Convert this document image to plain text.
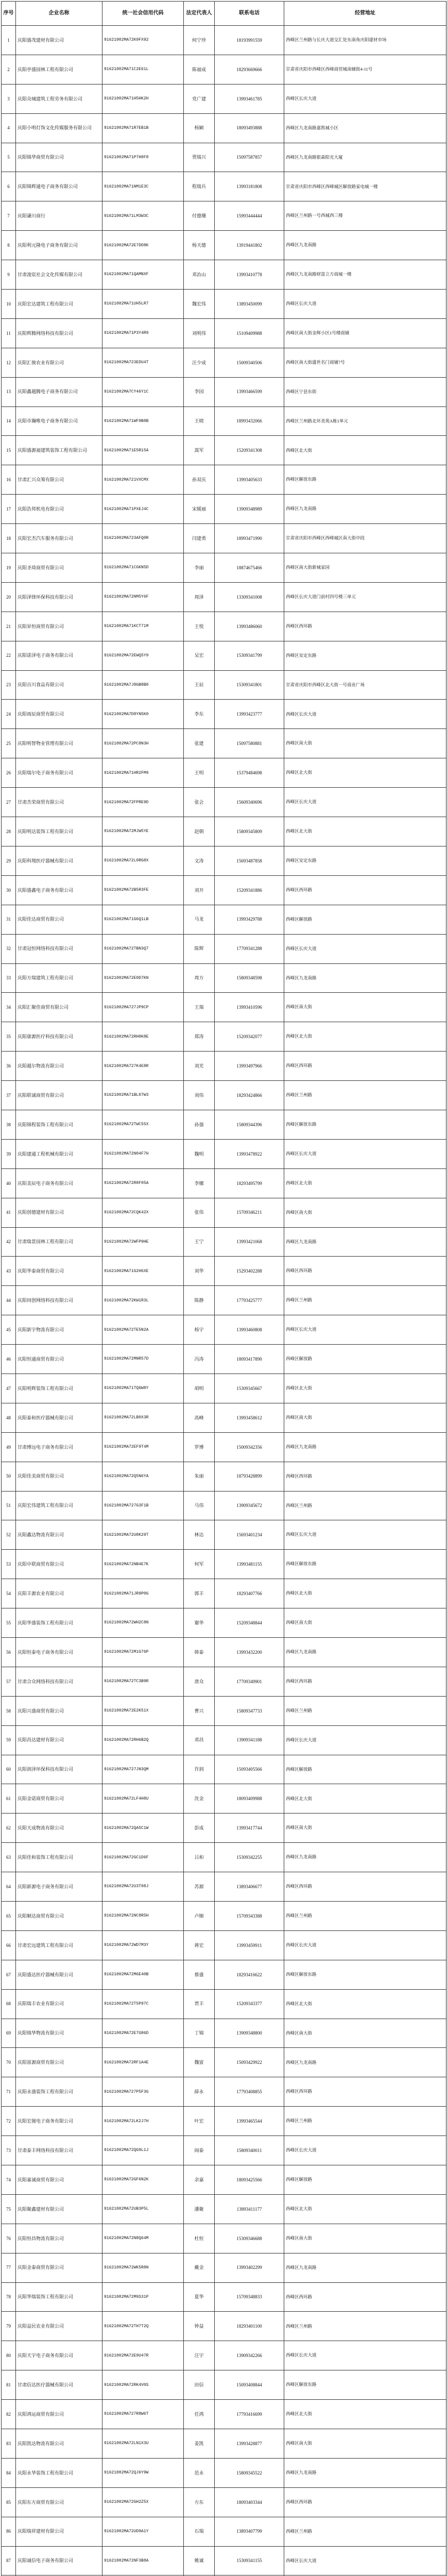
序号	企业名称	统一社会信用代码	法定代表人	联系电话	经营地址
1	庆阳盛茂建材有限公司	91621002MA72K9FX92	何宁珍	18193991559	西峰区兰州路与长庆大道交汇处东南角庆阳建材市场
2	庆阳亭盛园林工程有限公司	91621002MA71C2E61L	陈福成	18293669666	甘肃省庆阳市西峰区西峰商贸城南辅街4-11号
3	庆阳众城建筑工程劳务有限公司	91621002MA71H5HK2H	党广建	13993461785	西峰区长庆大道
4	庆阳小明灯饰文化传媒服务有限公司	91621002MA71R7EB1B	杨颖	18093493888	西峰区九龙南路嘉凯城小区
5	庆阳锦华商贸有限公司	91621002MA71P7H0F8	贾瑞兴	15097587857	西峰区九龙南路银森阳光大厦
6	庆阳锦辉通电子商务有限公司	91621002MA71NM1E3C	程瑞兵	13993181808	甘肃省庆阳市西峰区西峰城区解放路家电城一楼
7	庆阳谦川商行	91621002MA71LM3W3C	付德珊	15993444444	西峰区兰州路一号西城西三楼
8	庆阳利元隆电子商务有限公司	91621002MA72E7DD8K	杨天德	13919441802	西峰区九龙南路
9	甘肃浚宸社会文化传媒有限公司	91621002MA71QAMNXF	邓治山	13993410778	西峰区九龙南路财富立方商城一楼
10	庆阳宏达建筑工程有限公司	91621002MA71UH5LR7	魏宏伟	13893450099	西峰区长庆大道
11	庆阳辉腾网络科技有限公司	91621002MA71P3Y4R9	刘明伟	15109409988	西峰区南大街金辉小区1号楼商铺
12	庆阳汇骏农业有限公司	91621002MA723EDU4T	汪少成	15009340506	西峰区南大街盛世名门商铺7号
13	庆阳鑫越腾电子商务有限公司	91621002MA7CY46Y1C	李园	13993466599	西峰区宁县东街
14	庆阳市瀚唯电子商务有限公司	91621002MA71WF9B8B	王晓	18993432066	西峰区兰州路北环美苑A栋1单元
15	庆阳盛源福建筑装饰工程有限公司	91621002MA71E5R15A	嵩军	15209341308	西峰区北大街
16	甘肃汇兴众筹有限公司	91621002MA721VXCMX	孙双庆	13993405633	西峰区解放东路
17	庆阳浩邦机电有限公司	91621002MA71PXEJ4C	宋媛丽	13909348989	西峰区九龙南路
18	庆阳宏杰汽车服务有限公司	91621002MA723AFQ0R	闫建勇	18993471990	甘肃省庆阳市西峰区西峰城区南大街中段
19	庆阳圣琦商贸有限公司	91621002MA71CGKN5D	李丽	18874675466	西峰区南大街新城家园
20	庆阳泽锋环保科技有限公司	91621002MA72NM5Y6F	周泽	13309341008	西峰区长庆大道门前村四号楼三单元
21	庆阳昇恒商贸有限公司	91621002MA71KCT71M	王悦	13993486060	西峰区西环路
22	庆阳诺泽电子商务有限公司	91621002MA72EWQ5Y9	吴宏	15309341799	西峰区安定东路
23	庆阳百川食品有限公司	91621002MA7J8GB8B0	王辰	15309341801	甘肃省庆阳市西峰区北大街一号商业广场
24	庆阳雨辰商贸有限公司	91621002MA7D8YN5K0	李东	13993423777	西峰区长庆大道
25	庆阳明智物业管理有限公司	91621002MA72PC8N3H	张建	15097580881	西峰区南大街
26	庆阳瑞尔电子商务有限公司	91621002MA71HR2FM9	王明	15379484698	西峰区北大街
27	甘肃杰荣商贸有限公司	91621002MA72FPRE9D	张会	15609340696	西峰区长庆大道
28	庆阳明达装饰工程有限公司	91621002MA72MJW5YE	赵朝	15809345809	西峰区北大街
29	庆阳科翔医疗器械有限公司	91621002MA72L0RG8X	文涛	15693487858	西峰区安定东路
30	庆阳盛鑫电子商务有限公司	91621002MA72B5R3FE	刘开	15209341886	西峰区西环路
31	庆阳佳达商贸有限公司	91621002MA71G6Q1LB	马龙	13993429788	西峰区解放路
32	甘肃冠恒网络科技有限公司	91621002MA72TBN3Q7	陈辉	17709341288	西峰区长庆大道
33	庆阳方瑞建筑工程有限公司	91621002MA72E0D7KN	周方	15809348598	西峰区九龙南路
34	庆阳汇聚佳商贸有限公司	91621002MA727JP9CP	王瑞	13993410596	西峰区南大街
35	庆阳康源医疗科技有限公司	91621002MA72RH0K8E	郑涛	15209342077	西峰区北大街
36	庆阳越尔物流有限公司	91621002MA727K4E8R	刘光	13993497966	西峰区西环路
37	庆阳联诚商贸有限公司	91621002MA71BL07W3	刘伟	18293424866	西峰区兰州路
38	庆阳锦程装饰工程有限公司	91621002MA72TWC55X	孙强	15809344396	西峰区解放东路
39	庆阳建通工程机械有限公司	91621002MA72N04F7H	魏明	13993478922	西峰区长庆大道
40	庆阳美辰电子商务有限公司	91621002MA72R8F05A	李娜	18293495799	西峰区北大街
41	庆阳创德建材有限公司	91621002MA72CQK42X	张伟	15709346211	西峰区南大街
42	甘肃瑞景园林工程有限公司	91621002MA72WFP9HE	王宁	13993421068	西峰区九龙南路
43	庆阳华泰商贸有限公司	91621002MA71G2H6XE	刘华	15293402288	西峰区西环路
44	庆阳同创网络科技有限公司	91621002MA72KW1R3L	陈静	17793425777	西峰区兰州路
45	庆阳新宇物流有限公司	91621002MA72TE5N2A	杨宇	13993460808	西峰区长庆大道
46	庆阳恒通商贸有限公司	91621002MA72MNR57D	冯涛	18093417890	西峰区解放路
47	庆阳明辉装饰工程有限公司	91621002MA71TQ6W8Y	胡明	15309345667	西峰区北大街
48	庆阳泰和医疗器械有限公司	91621002MA72LB0X3R	高峰	13993458612	西峰区南大街
49	甘肃博远电子商务有限公司	91621002MA72EF9T4M	罗博	15009342356	西峰区九龙南路
50	庆阳佳美商贸有限公司	91621002MA72Q5N6YA	朱丽	18793428899	西峰区西环路
51	庆阳宏伟建筑工程有限公司	91621002MA727G3F1B	马伟	13909345672	西峰区兰州路
52	庆阳鑫达物流有限公司	91621002MA72U8K29T	林达	15693401234	西峰区长庆大道
53	庆阳中联商贸有限公司	91621002MA72NB4E7K	何军	13993481155	西峰区解放东路
54	庆阳丰源农业有限公司	91621002MA71JR9P0G	郭丰	18293407766	西峰区北大街
55	庆阳华盛装饰工程有限公司	91621002MA72WH2C8N	谢华	15209348844	西峰区南大街
56	庆阳恒泰电子商务有限公司	91621002MA72M1G76P	韩泰	13993432200	西峰区九龙南路
57	甘肃合众网络科技有限公司	91621002MA72TC3B9R	唐众	17709349901	西峰区西环路
58	庆阳兴盛商贸有限公司	91621002MA72E2K51X	曹兴	15809347733	西峰区兰州路
59	庆阳昌达建材有限公司	91621002MA72RH6B2Q	邓昌	13909341188	西峰区长庆大道
60	庆阳润泽环保科技有限公司	91621002MA727JN3QM	许润	15093405566	西峰区解放路
61	庆阳金诺商贸有限公司	91621002MA72LF4H8U	沈金	18093409988	西峰区北大街
62	庆阳天成物流有限公司	91621002MA72QA5C1W	彭成	13993417744	西峰区南大街
63	庆阳佳和装饰工程有限公司	91621002MA72GC1D6F	吕和	15309342255	西峰区九龙南路
64	庆阳新源电子商务有限公司	91621002MA72U3T08J	苏源	13893406677	西峰区西环路
65	庆阳顺达商贸有限公司	91621002MA72NC8R5H	卢顺	15709343388	西峰区兰州路
66	甘肃宏远建筑工程有限公司	91621002MA72WD7M3Y	蒋宏	13993459911	西峰区长庆大道
67	庆阳盛达医疗器械有限公司	91621002MA72M6E40B	蔡盛	18293416622	西峰区解放东路
68	庆阳瑞丰农业有限公司	91621002MA72T5P97C	贾丰	15209343377	西峰区北大街
69	庆阳锦华物流有限公司	91621002MA72E7G86D	丁锦	13909348800	西峰区南大街
70	庆阳富源商贸有限公司	91621002MA72RF1A4E	魏富	15093429922	西峰区九龙南路
71	庆阳永盛装饰工程有限公司	91621002MA727P5F3G	薛永	17793408855	西峰区西环路
72	庆阳宏图电子商务有限公司	91621002MA72LK2J7H	叶宏	13993465544	西峰区兰州路
73	甘肃泰丰网络科技有限公司	91621002MA72QG9L1J	阎泰	15809340011	西峰区长庆大道
74	庆阳嘉诚商贸有限公司	91621002MA72GF6N2K	余嘉	18093425566	西峰区解放路
75	庆阳聚鑫建材有限公司	91621002MA72UB3P5L	潘聚	13893411177	西峰区北大街
76	庆阳恒昌物流有限公司	91621002MA72N8Q64M	杜恒	15309346688	西峰区南大街
77	庆阳金泰商贸有限公司	91621002MA72WK5R8N	戴金	13993402299	西峰区九龙南路
78	庆阳华瑞装饰工程有限公司	91621002MA72M9S31P	夏华	15709348833	西峰区西环路
79	庆阳益民农业有限公司	91621002MA72TH7T2Q	钟益	18293401100	西峰区兰州路
80	庆阳天宇电子商务有限公司	91621002MA72E9U47R	汪宇	13909342266	西峰区长庆大道
81	甘肃信达医疗器械有限公司	91621002MA72RK4V0S	田信	15093408844	西峰区解放东路
82	庆阳鸿运商贸有限公司	91621002MA727R8W6T	任鸿	17793416699	西峰区北大街
83	庆阳凯达物流有限公司	91621002MA72LN1X3U	姜凯	13993428877	西峰区南大街
84	庆阳永华装饰工程有限公司	91621002MA72QJ6Y9W	范永	15809345522	西峰区九龙南路
85	庆阳东方商贸有限公司	91621002MA72GH2Z5X	方东	18093403344	西峰区西环路
86	庆阳瑞祥建材有限公司	91621002MA72UD9A1Y	石瑞	13893407799	西峰区兰州路
87	庆阳诚信电子商务有限公司	91621002MA72NF3B8A	姚诚	15309341155	西峰区长庆大道
